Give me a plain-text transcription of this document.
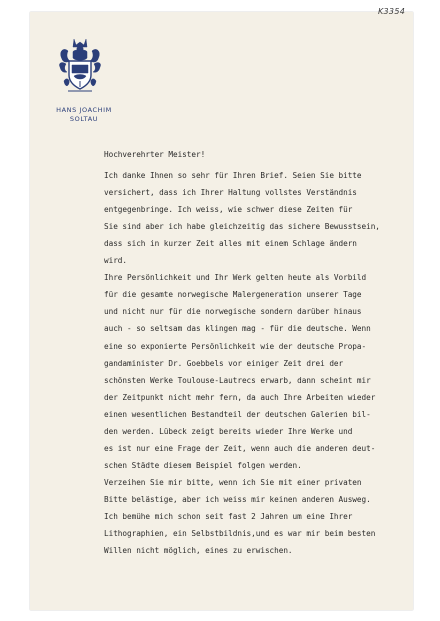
K3354
HANS JOACHIM
SOLTAU
Hochverehrter Meister!
Ich danke Ihnen so sehr für Ihren Brief. Seien Sie bitte
versichert, dass ich Ihrer Haltung vollstes Verständnis
entgegenbringe. Ich weiss, wie schwer diese Zeiten für
Sie sind aber ich habe gleichzeitig das sichere Bewusstsein,
dass sich in kurzer Zeit alles mit einem Schlage ändern
wird.
Ihre Persönlichkeit und Ihr Werk gelten heute als Vorbild
für die gesamte norwegische Malergeneration unserer Tage
und nicht nur für die norwegische sondern darüber hinaus
auch - so seltsam das klingen mag - für die deutsche. Wenn
eine so exponierte Persönlichkeit wie der deutsche Propa-
gandaminister Dr. Goebbels vor einiger Zeit drei der
schönsten Werke Toulouse-Lautrecs erwarb, dann scheint mir
der Zeitpunkt nicht mehr fern, da auch Ihre Arbeiten wieder
einen wesentlichen Bestandteil der deutschen Galerien bil-
den werden. Lübeck zeigt bereits wieder Ihre Werke und
es ist nur eine Frage der Zeit, wenn auch die anderen deut-
schen Städte diesem Beispiel folgen werden.
Verzeihen Sie mir bitte, wenn ich Sie mit einer privaten
Bitte belästige, aber ich weiss mir keinen anderen Ausweg.
Ich bemühe mich schon seit fast 2 Jahren um eine Ihrer
Lithographien, ein Selbstbildnis,und es war mir beim besten
Willen nicht möglich, eines zu erwischen.
